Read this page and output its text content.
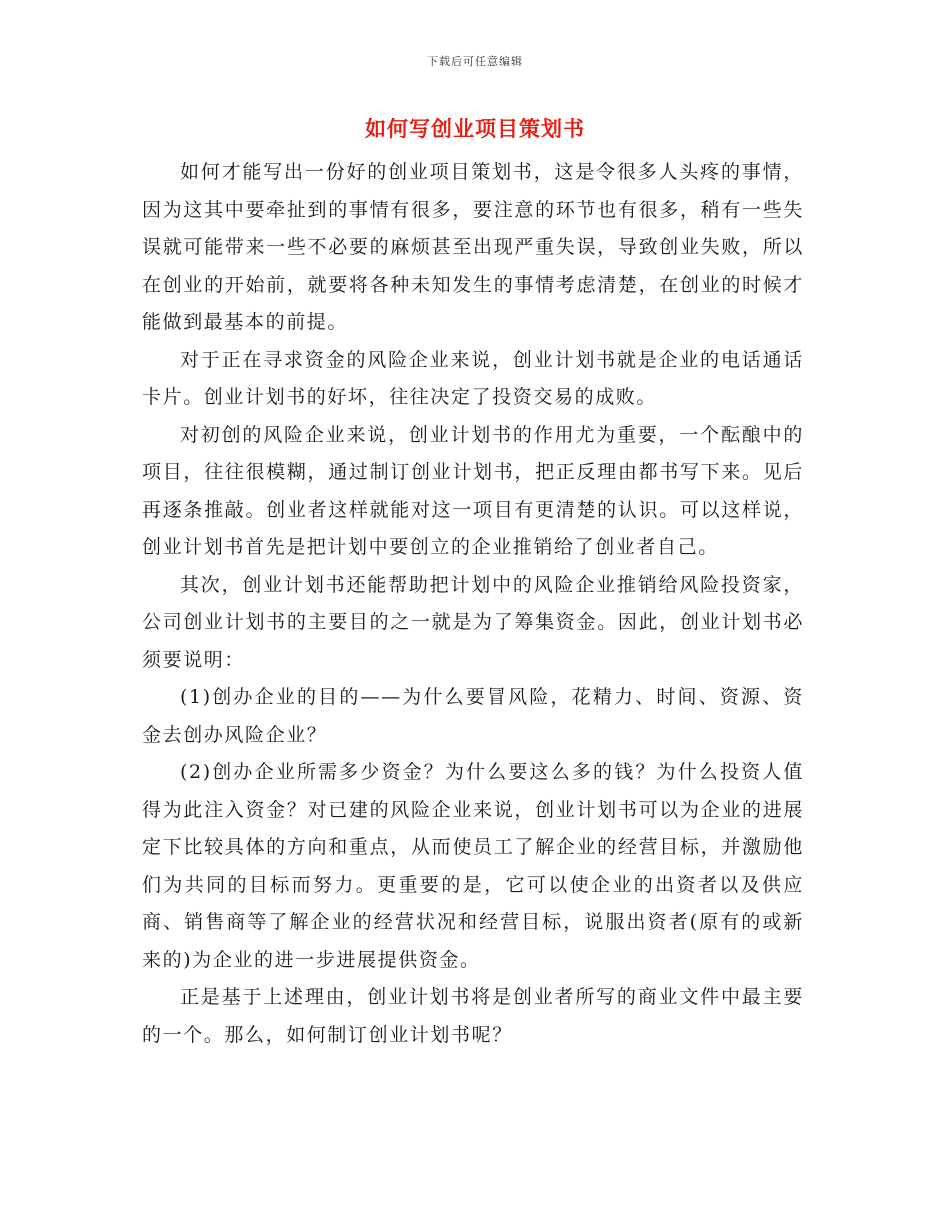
下载后可任意编辑
如何写创业项目策划书

如何才能写出一份好的创业项目策划书，这是令很多人头疼的事情，因为这其中要牵扯到的事情有很多，要注意的环节也有很多，稍有一些失误就可能带来一些不必要的麻烦甚至出现严重失误，导致创业失败，所以在创业的开始前，就要将各种未知发生的事情考虑清楚，在创业的时候才能做到最基本的前提。

对于正在寻求资金的风险企业来说，创业计划书就是企业的电话通话卡片。创业计划书的好坏，往往决定了投资交易的成败。

对初创的风险企业来说，创业计划书的作用尤为重要，一个酝酿中的项目，往往很模糊，通过制订创业计划书，把正反理由都书写下来。见后再逐条推敲。创业者这样就能对这一项目有更清楚的认识。可以这样说，创业计划书首先是把计划中要创立的企业推销给了创业者自己。

其次，创业计划书还能帮助把计划中的风险企业推销给风险投资家，公司创业计划书的主要目的之一就是为了筹集资金。因此，创业计划书必须要说明：

(1)创办企业的目的——为什么要冒风险，花精力、时间、资源、资金去创办风险企业？

(2)创办企业所需多少资金？为什么要这么多的钱？为什么投资人值得为此注入资金？对已建的风险企业来说，创业计划书可以为企业的进展定下比较具体的方向和重点，从而使员工了解企业的经营目标，并激励他们为共同的目标而努力。更重要的是，它可以使企业的出资者以及供应商、销售商等了解企业的经营状况和经营目标，说服出资者(原有的或新来的)为企业的进一步进展提供资金。

正是基于上述理由，创业计划书将是创业者所写的商业文件中最主要的一个。那么，如何制订创业计划书呢？
